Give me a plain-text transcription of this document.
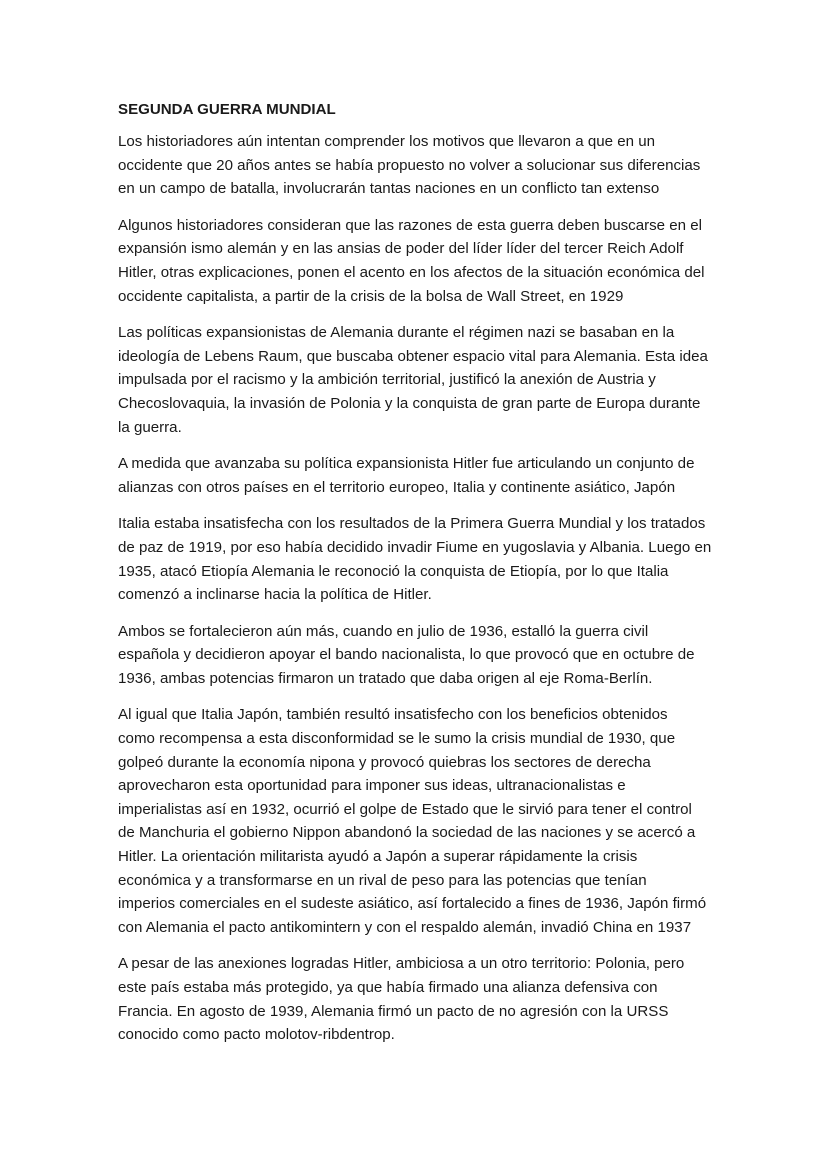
SEGUNDA GUERRA MUNDIAL
Los historiadores aún intentan comprender los motivos que llevaron a que en un
occidente que 20 años antes se había propuesto no volver a solucionar sus diferencias
en un campo de batalla, involucrarán tantas naciones en un conflicto tan extenso
Algunos historiadores consideran que las razones de esta guerra deben buscarse en el
expansión ismo alemán y en las ansias de poder del líder líder del tercer Reich Adolf
Hitler, otras explicaciones, ponen el acento en los afectos de la situación económica del
occidente capitalista, a partir de la crisis de la bolsa de Wall Street, en 1929
Las políticas expansionistas de Alemania durante el régimen nazi se basaban en la
ideología de Lebens Raum, que buscaba obtener espacio vital para Alemania. Esta idea
impulsada por el racismo y la ambición territorial, justificó la anexión de Austria y
Checoslovaquia, la invasión de Polonia y la conquista de gran parte de Europa durante
la guerra.
A medida que avanzaba su política expansionista Hitler fue articulando un conjunto de
alianzas con otros países en el territorio europeo, Italia y continente asiático, Japón
Italia estaba insatisfecha con los resultados de la Primera Guerra Mundial y los tratados
de paz de 1919, por eso había decidido invadir Fiume en yugoslavia y Albania. Luego en
1935, atacó Etiopía Alemania le reconoció la conquista de Etiopía, por lo que Italia
comenzó a inclinarse hacia la política de Hitler.
Ambos se fortalecieron aún más, cuando en julio de 1936, estalló la guerra civil
española y decidieron apoyar el bando nacionalista, lo que provocó que en octubre de
1936, ambas potencias firmaron un tratado que daba origen al eje Roma-Berlín.
Al igual que Italia Japón, también resultó insatisfecho con los beneficios obtenidos
como recompensa a esta disconformidad se le sumo la crisis mundial de 1930, que
golpeó durante la economía nipona y provocó quiebras los sectores de derecha
aprovecharon esta oportunidad para imponer sus ideas, ultranacionalistas e
imperialistas así en 1932, ocurrió el golpe de Estado que le sirvió para tener el control
de Manchuria el gobierno Nippon abandonó la sociedad de las naciones y se acercó a
Hitler. La orientación militarista ayudó a Japón a superar rápidamente la crisis
económica y a transformarse en un rival de peso para las potencias que tenían
imperios comerciales en el sudeste asiático, así fortalecido a fines de 1936, Japón firmó
con Alemania el pacto antikomintern y con el respaldo alemán, invadió China en 1937
A pesar de las anexiones logradas Hitler, ambiciosa a un otro territorio: Polonia, pero
este país estaba más protegido, ya que había firmado una alianza defensiva con
Francia. En agosto de 1939, Alemania firmó un pacto de no agresión con la URSS
conocido como pacto molotov-ribdentrop.
